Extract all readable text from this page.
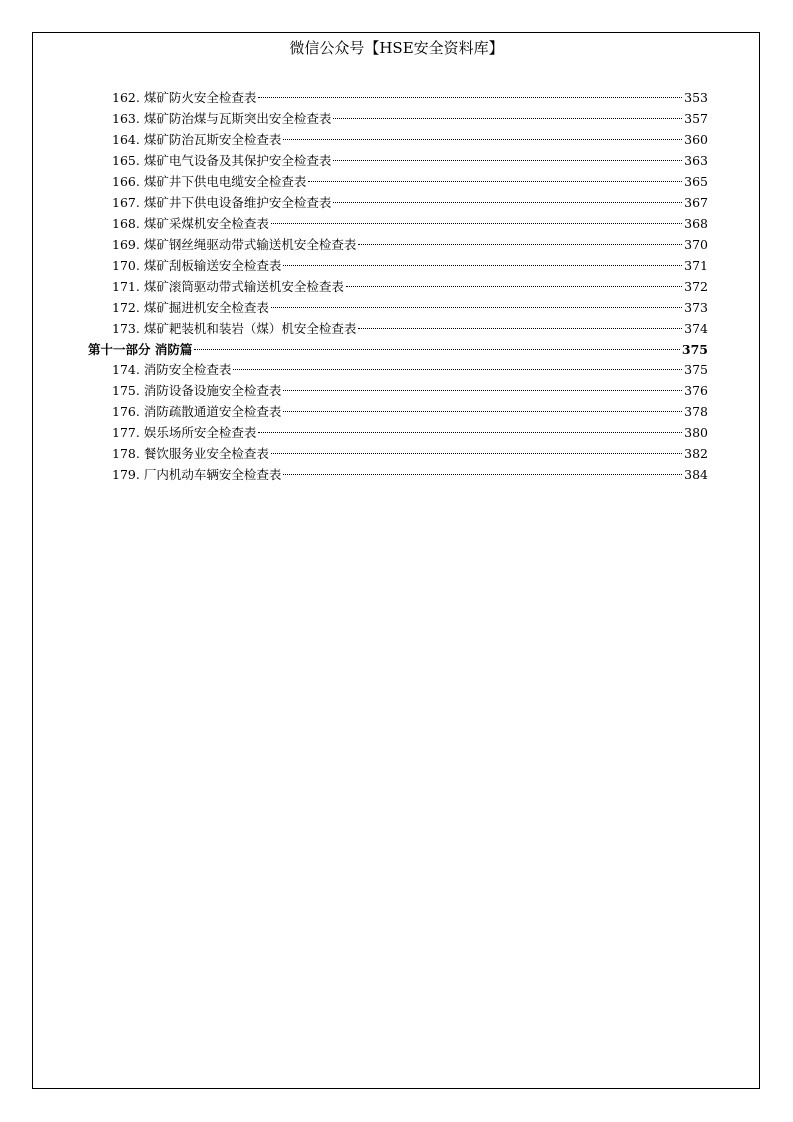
微信公众号【HSE安全资料库】
162. 煤矿防火安全检查表	353
163. 煤矿防治煤与瓦斯突出安全检查表	357
164. 煤矿防治瓦斯安全检查表	360
165. 煤矿电气设备及其保护安全检查表	363
166. 煤矿井下供电电缆安全检查表	365
167. 煤矿井下供电设备维护安全检查表	367
168. 煤矿采煤机安全检查表	368
169. 煤矿钢丝绳驱动带式输送机安全检查表	370
170. 煤矿刮板输送安全检查表	371
171. 煤矿滚筒驱动带式输送机安全检查表	372
172. 煤矿掘进机安全检查表	373
173. 煤矿耙装机和装岩（煤）机安全检查表	374
第十一部分 消防篇	375
174. 消防安全检查表	375
175. 消防设备设施安全检查表	376
176. 消防疏散通道安全检查表	378
177. 娱乐场所安全检查表	380
178. 餐饮服务业安全检查表	382
179. 厂内机动车辆安全检查表	384
